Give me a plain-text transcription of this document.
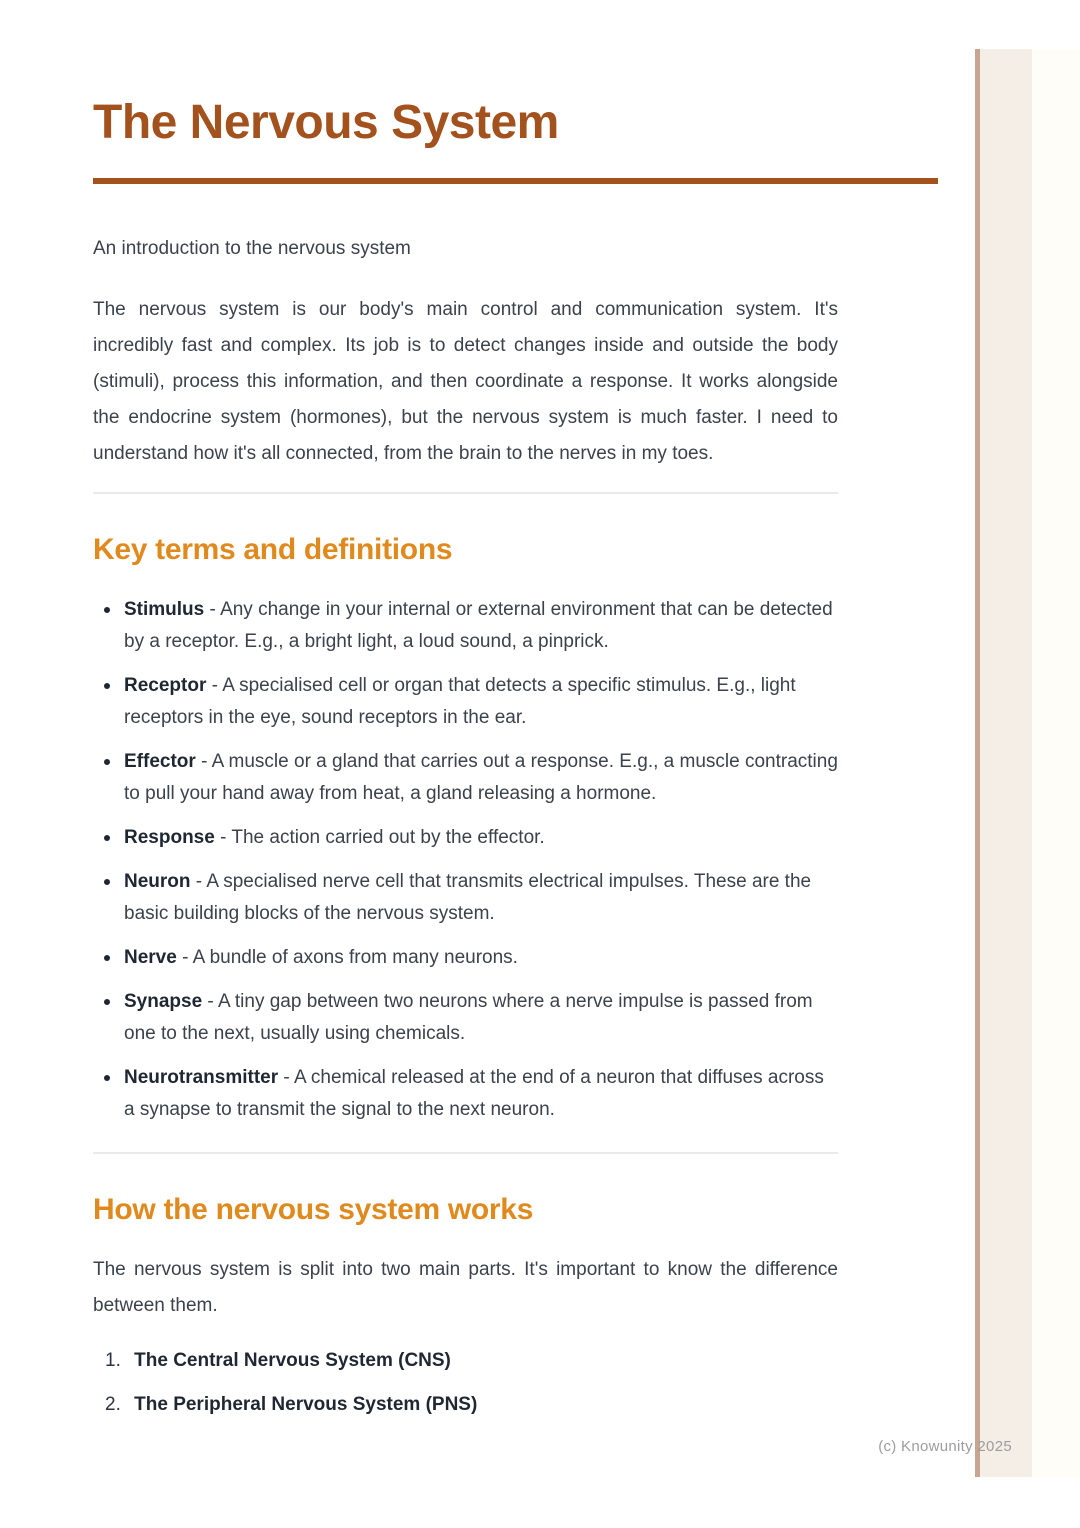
The Nervous System

An introduction to the nervous system

The nervous system is our body's main control and communication system. It's incredibly fast and complex. Its job is to detect changes inside and outside the body (stimuli), process this information, and then coordinate a response. It works alongside the endocrine system (hormones), but the nervous system is much faster. I need to understand how it's all connected, from the brain to the nerves in my toes.

Key terms and definitions
Stimulus - Any change in your internal or external environment that can be detected by a receptor. E.g., a bright light, a loud sound, a pinprick.
Receptor - A specialised cell or organ that detects a specific stimulus. E.g., light receptors in the eye, sound receptors in the ear.
Effector - A muscle or a gland that carries out a response. E.g., a muscle contracting to pull your hand away from heat, a gland releasing a hormone.
Response - The action carried out by the effector.
Neuron - A specialised nerve cell that transmits electrical impulses. These are the basic building blocks of the nervous system.
Nerve - A bundle of axons from many neurons.
Synapse - A tiny gap between two neurons where a nerve impulse is passed from one to the next, usually using chemicals.
Neurotransmitter - A chemical released at the end of a neuron that diffuses across a synapse to transmit the signal to the next neuron.
How the nervous system works

The nervous system is split into two main parts. It's important to know the difference between them.

1. The Central Nervous System (CNS)
2. The Peripheral Nervous System (PNS)
(c) Knowunity 2025
